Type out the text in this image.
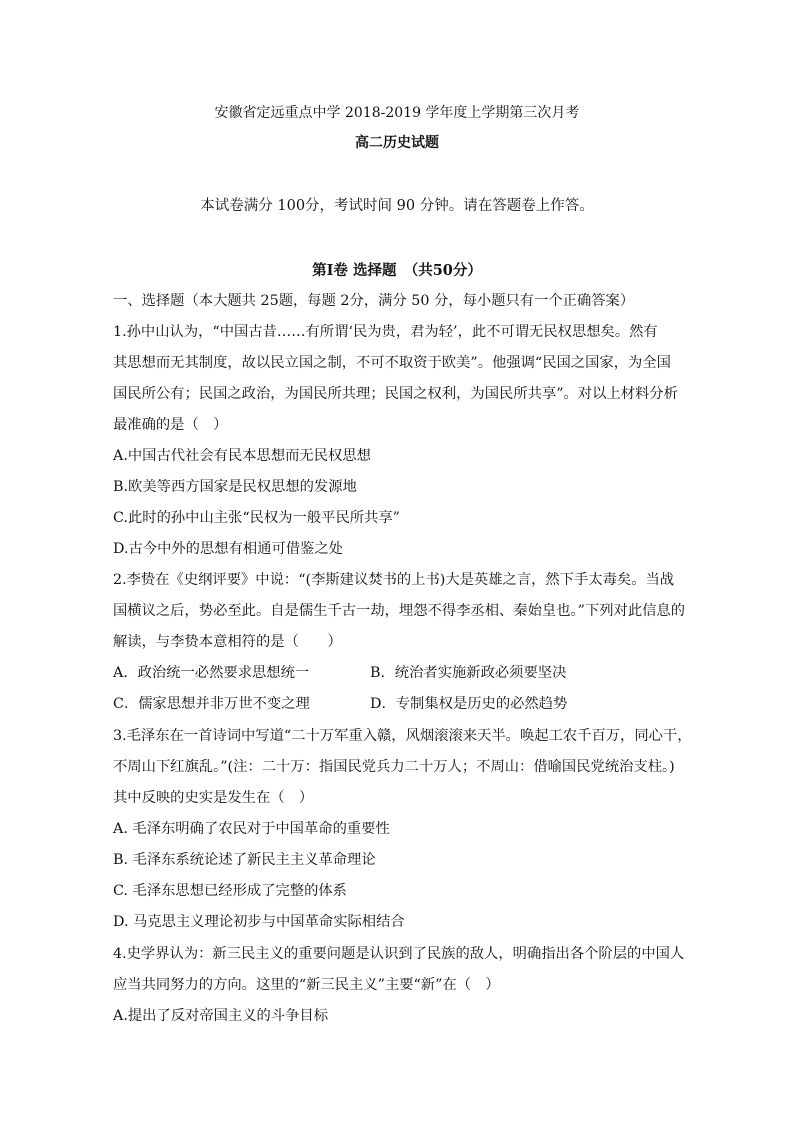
安徽省定远重点中学 2018-2019 学年度上学期第三次月考
高二历史试题
本试卷满分 100分，考试时间 90 分钟。请在答题卷上作答。
第Ⅰ卷 选择题　（共50分）
一、选择题（本大题共 25题，每题 2分，满分 50 分，每小题只有一个正确答案）
1.孙中山认为，“中国古昔……有所谓‘民为贵，君为轻’，此不可谓无民权思想矣。然有
其思想而无其制度，故以民立国之制，不可不取资于欧美”。他强调“民国之国家，为全国
国民所公有；民国之政治，为国民所共理；民国之权利，为国民所共享”。对以上材料分析
最准确的是（　）
A.中国古代社会有民本思想而无民权思想
B.欧美等西方国家是民权思想的发源地
C.此时的孙中山主张“民权为一般平民所共享”
D.古今中外的思想有相通可借鉴之处
2.李贽在《史纲评要》中说：“(李斯建议焚书的上书)大是英雄之言，然下手太毒矣。当战
国横议之后，势必至此。自是儒生千古一劫，埋怨不得李丞相、秦始皇也。”下列对此信息的
解读，与李贽本意相符的是（　　）
A．政治统一必然要求思想统一	B．统治者实施新政必须要坚决
C．儒家思想并非万世不变之理	D．专制集权是历史的必然趋势
3.毛泽东在一首诗词中写道“二十万军重入赣，风烟滚滚来天半。唤起工农千百万，同心干，
不周山下红旗乱。”(注：二十万：指国民党兵力二十万人；不周山：借喻国民党统治支柱。)
其中反映的史实是发生在（　）
A. 毛泽东明确了农民对于中国革命的重要性
B. 毛泽东系统论述了新民主主义革命理论
C. 毛泽东思想已经形成了完整的体系
D. 马克思主义理论初步与中国革命实际相结合
4.史学界认为：新三民主义的重要问题是认识到了民族的敌人，明确指出各个阶层的中国人
应当共同努力的方向。这里的“新三民主义”主要“新”在（　）
A.提出了反对帝国主义的斗争目标
